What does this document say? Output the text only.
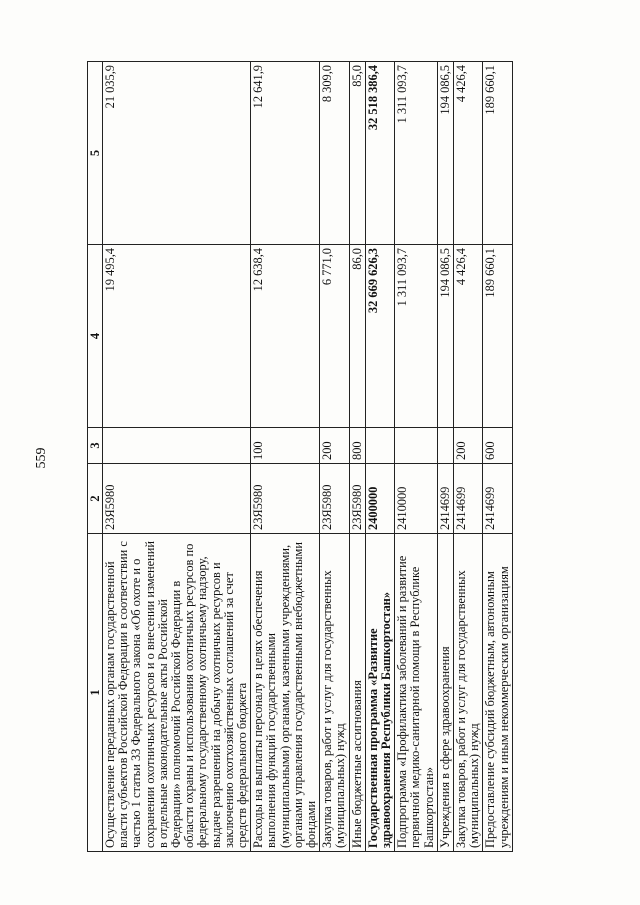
559
1	2	3	4	5
Осуществление переданных органам государственной власти субъектов Российской Федерации в соответствии с частью 1 статьи 33 Федерального закона «Об охоте и о сохранении охотничьих ресурсов и о внесении изменений в отдельные законодательные акты Российской Федерации» полномочий Российской Федерации в области охраны и использования охотничьих ресурсов по федеральному государственному охотничьему надзору, выдаче разрешений на добычу охотничьих ресурсов и заключению охотхозяйственных соглашений за счет средств федерального бюджета	23Я5980		19 495,4	21 035,9
Расходы на выплаты персоналу в целях обеспечения выполнения функций государственными (муниципальными) органами, казенными учреждениями, органами управления государственными внебюджетными фондами	23Я5980	100	12 638,4	12 641,9
Закупка товаров, работ и услуг для государственных (муниципальных) нужд	23Я5980	200	6 771,0	8 309,0
Иные бюджетные ассигнования	23Я5980	800	86,0	85,0
Государственная программа «Развитие здравоохранения Республики Башкортостан»	2400000		32 669 626,3	32 518 386,4
Подпрограмма «Профилактика заболеваний и развитие первичной медико-санитарной помощи в Республике Башкортостан»	2410000		1 311 093,7	1 311 093,7
Учреждения в сфере здравоохранения	2414699		194 086,5	194 086,5
Закупка товаров, работ и услуг для государственных (муниципальных) нужд	2414699	200	4 426,4	4 426,4
Предоставление субсидий бюджетным, автономным учреждениям и иным некоммерческим организациям	2414699	600	189 660,1	189 660,1
